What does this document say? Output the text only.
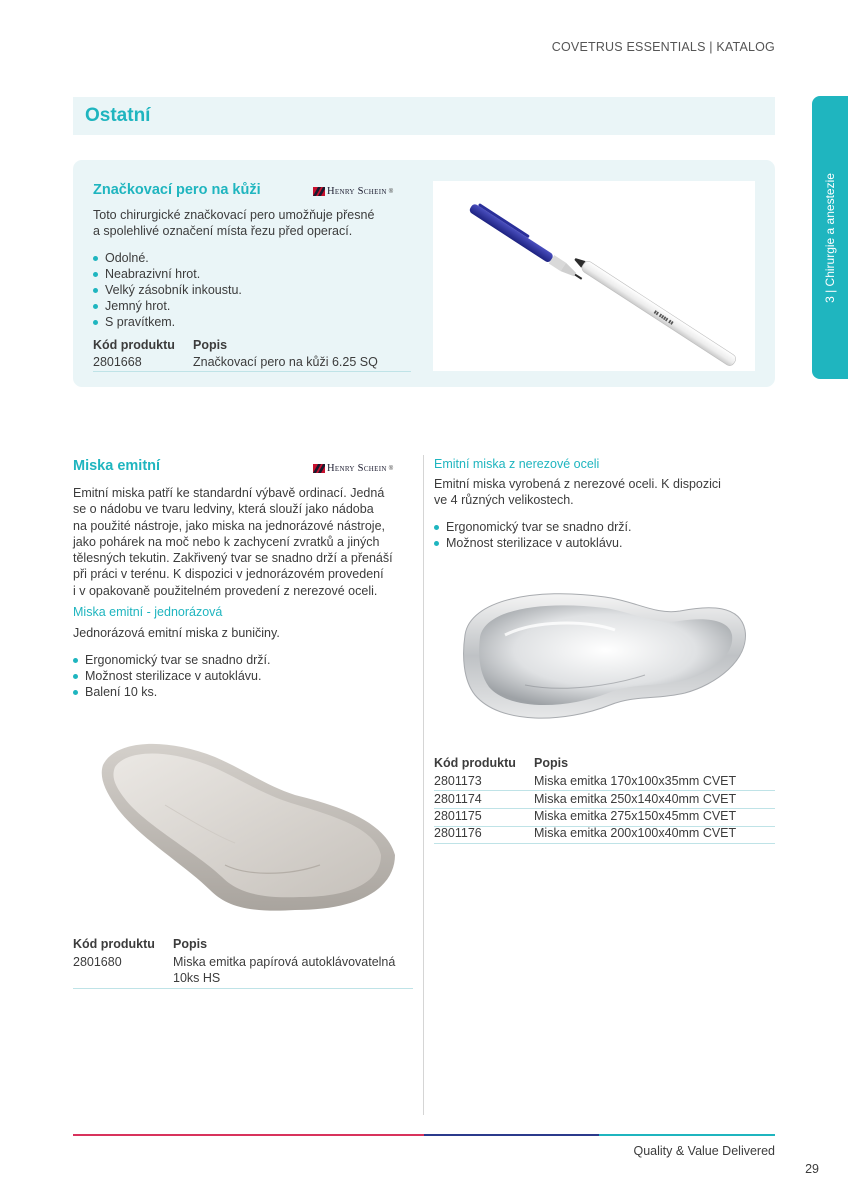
COVETRUS ESSENTIALS | KATALOG
Ostatní
3 | Chirurgie a anestezie
Značkovací pero na kůži	Henry Schein ®
Toto chirurgické značkovací pero umožňuje přesné
a spolehlivé označení místa řezu před operací.
Odolné.
Neabrazivní hrot.
Velký zásobník inkoustu.
Jemný hrot.
S pravítkem.
Kód produktu Popis
2801668	Značkovací pero na kůži 6.25 SQ
▮▮ ▮▮▮▮ ▮▮
Miska emitní	Henry Schein ®
Emitní miska patří ke standardní výbavě ordinací. Jedná
se o nádobu ve tvaru ledviny, která slouží jako nádoba
na použité nástroje, jako miska na jednorázové nástroje,
jako pohárek na moč nebo k zachycení zvratků a jiných
tělesných tekutin. Zakřivený tvar se snadno drží a přenáší
při práci v terénu. K dispozici v jednorázovém provedení
i v opakovaně použitelném provedení z nerezové oceli.
Miska emitní - jednorázová
Jednorázová emitní miska z buničiny.
Ergonomický tvar se snadno drží.
Možnost sterilizace v autoklávu.
Balení 10 ks.
Kód produktu Popis
2801680	Miska emitka papírová autoklávovatelná
10ks HS
Emitní miska z nerezové oceli
Emitní miska vyrobená z nerezové oceli. K dispozici
ve 4 různých velikostech.
Ergonomický tvar se snadno drží.
Možnost sterilizace v autoklávu.
Kód produktu Popis
2801173	Miska emitka 170x100x35mm CVET
2801174	Miska emitka 250x140x40mm CVET
2801175	Miska emitka 275x150x45mm CVET
2801176	Miska emitka 200x100x40mm CVET
Quality & Value Delivered
29
